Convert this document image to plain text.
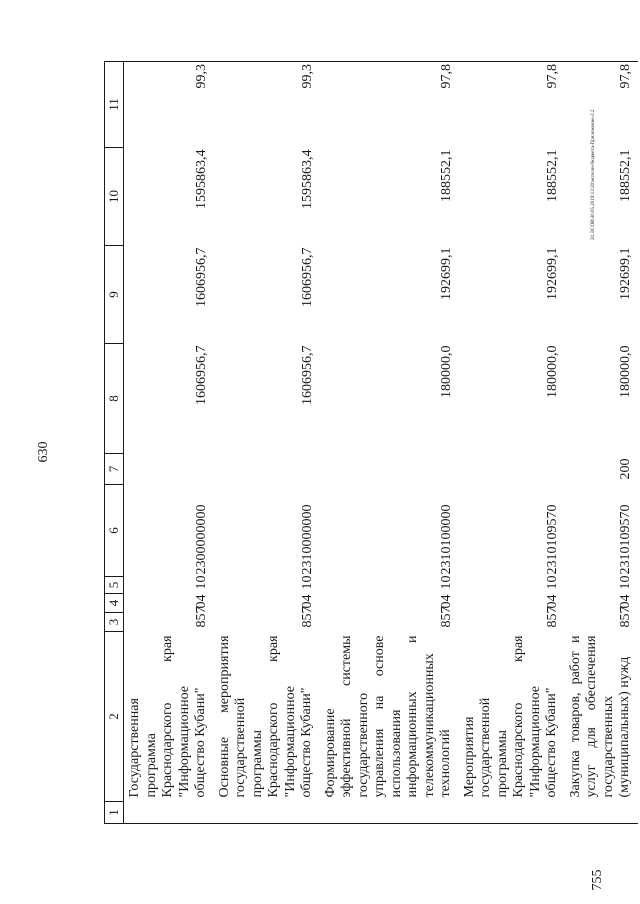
630
755
20.3\СОВ\30.05.2019\13:20\исполн-бюджета-Приложение-2.2
1	2	3	4	5	6	7	8	9	10	11
	Государственная программа Краснодарского края "Информационное общество Кубани"	857	04	10	2300000000		1606956,7	1606956,7	1595863,4	99,3
	Основные мероприятия государственной программы Краснодарского края "Информационное общество Кубани"	857	04	10	2310000000		1606956,7	1606956,7	1595863,4	99,3
	Формирование эффективной системы государственного управления на основе использования информационных и телекоммуникационных технологий	857	04	10	2310100000		180000,0	192699,1	188552,1	97,8
	Мероприятия государственной программы Краснодарского края "Информационное общество Кубани"	857	04	10	2310109570		180000,0	192699,1	188552,1	97,8
	Закупка товаров, работ и услуг для обеспечения государственных (муниципальных) нужд	857	04	10	2310109570	200	180000,0	192699,1	188552,1	97,8
